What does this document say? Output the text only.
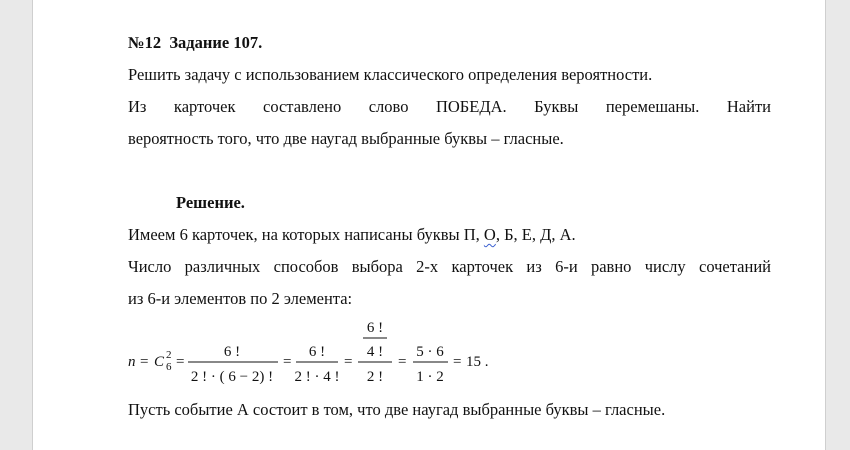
№12 Задание 107.
Решить задачу с использованием классического определения вероятности.
Из карточек составлено слово ПОБЕДА. Буквы перемешаны. Найти
вероятность того, что две наугад выбранные буквы – гласные.
Решение.
Имеем 6 карточек, на которых написаны буквы П, О, Б, Е, Д, А.
Число различных способов выбора 2-х карточек из 6-и равно числу сочетаний
из 6-и элементов по 2 элемента:
n = C 2
6 =
6 !
2 ! · ( 6 − 2) !
=
6 !
2 ! · 4 !
=
6 !
4 !
2 !
=
5 · 6
1 · 2
= 15 .
Пусть событие А состоит в том, что две наугад выбранные буквы – гласные.
